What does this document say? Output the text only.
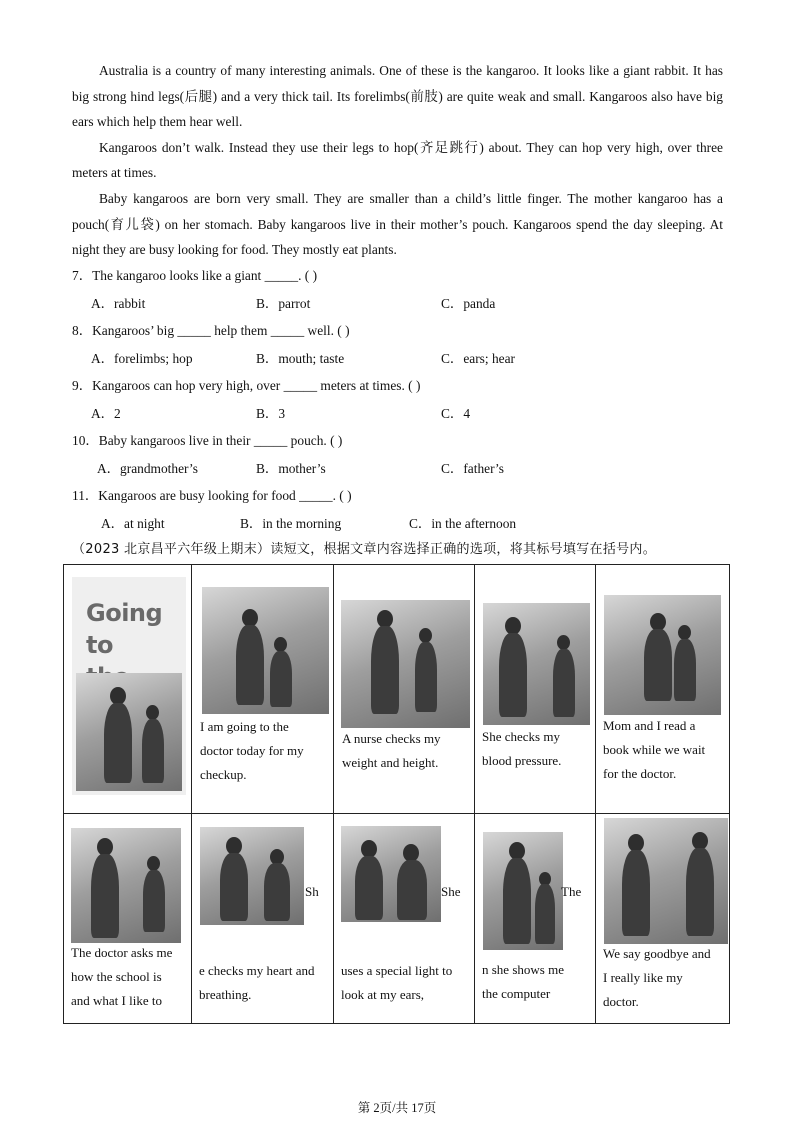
Australia is a country of many interesting animals. One of these is the kangaroo. It looks like a giant rabbit. It has big strong hind legs(后腿) and a very thick tail. Its forelimbs(前肢) are quite weak and small. Kangaroos also have big ears which help them hear well.

Kangaroos don’t walk. Instead they use their legs to hop(齐足跳行) about. They can hop very high, over three meters at times.

Baby kangaroos are born very small. They are smaller than a child’s little finger. The mother kangaroo has a pouch(育儿袋) on her stomach. Baby kangaroos live in their mother’s pouch. Kangaroos spend the day sleeping. At night they are busy looking for food. They mostly eat plants.

7．The kangaroo looks like a giant _____. ( )
A．rabbit	B．parrot	C．panda
8．Kangaroos’ big _____ help them _____ well. ( )
A．forelimbs; hop	B．mouth; taste	C．ears; hear
9．Kangaroos can hop very high, over _____ meters at times. ( )
A．2	B．3	C．4
10．Baby kangaroos live in their _____ pouch. ( )
A．grandmother’s	B．mother’s	C．father’s
11．Kangaroos are busy looking for food _____. ( )
A．at night	B．in the morning	C．in the afternoon
（2023 北京昌平六年级上期末）读短文，根据文章内容选择正确的选项，将其标号填写在括号内。
Going to
I am going to the
doctor today for my
checkup.
A nurse checks my
weight and height.
She checks my
blood pressure.
Mom and I read a
book while we wait
for the doctor.
The doctor asks me
how the school is
and what I like to
Sh
e checks my heart and
breathing.
She
uses a special light to
look at my ears,
The
n she shows me
the computer
We say goodbye and
I really like my
doctor.
第 2页/共 17页
